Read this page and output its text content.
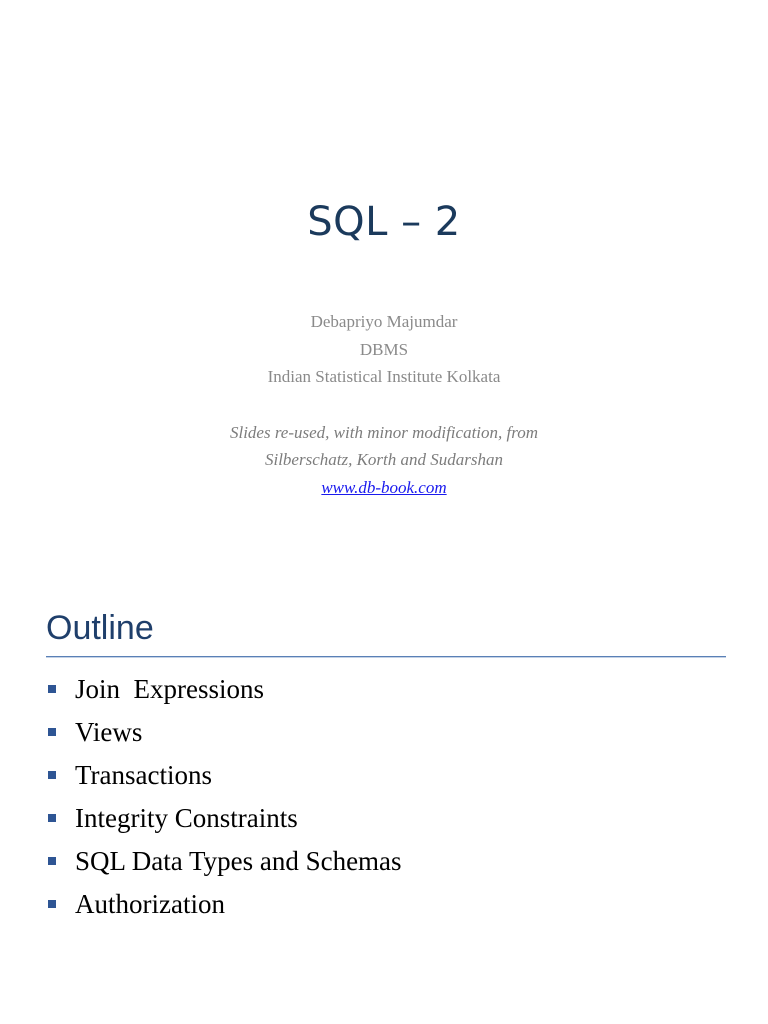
SQL – 2
Debapriyo Majumdar
DBMS
Indian Statistical Institute Kolkata
Slides re-used, with minor modification, from
Silberschatz, Korth and Sudarshan
www.db-book.com
Outline
Join  Expressions
Views
Transactions
Integrity Constraints
SQL Data Types and Schemas
Authorization
